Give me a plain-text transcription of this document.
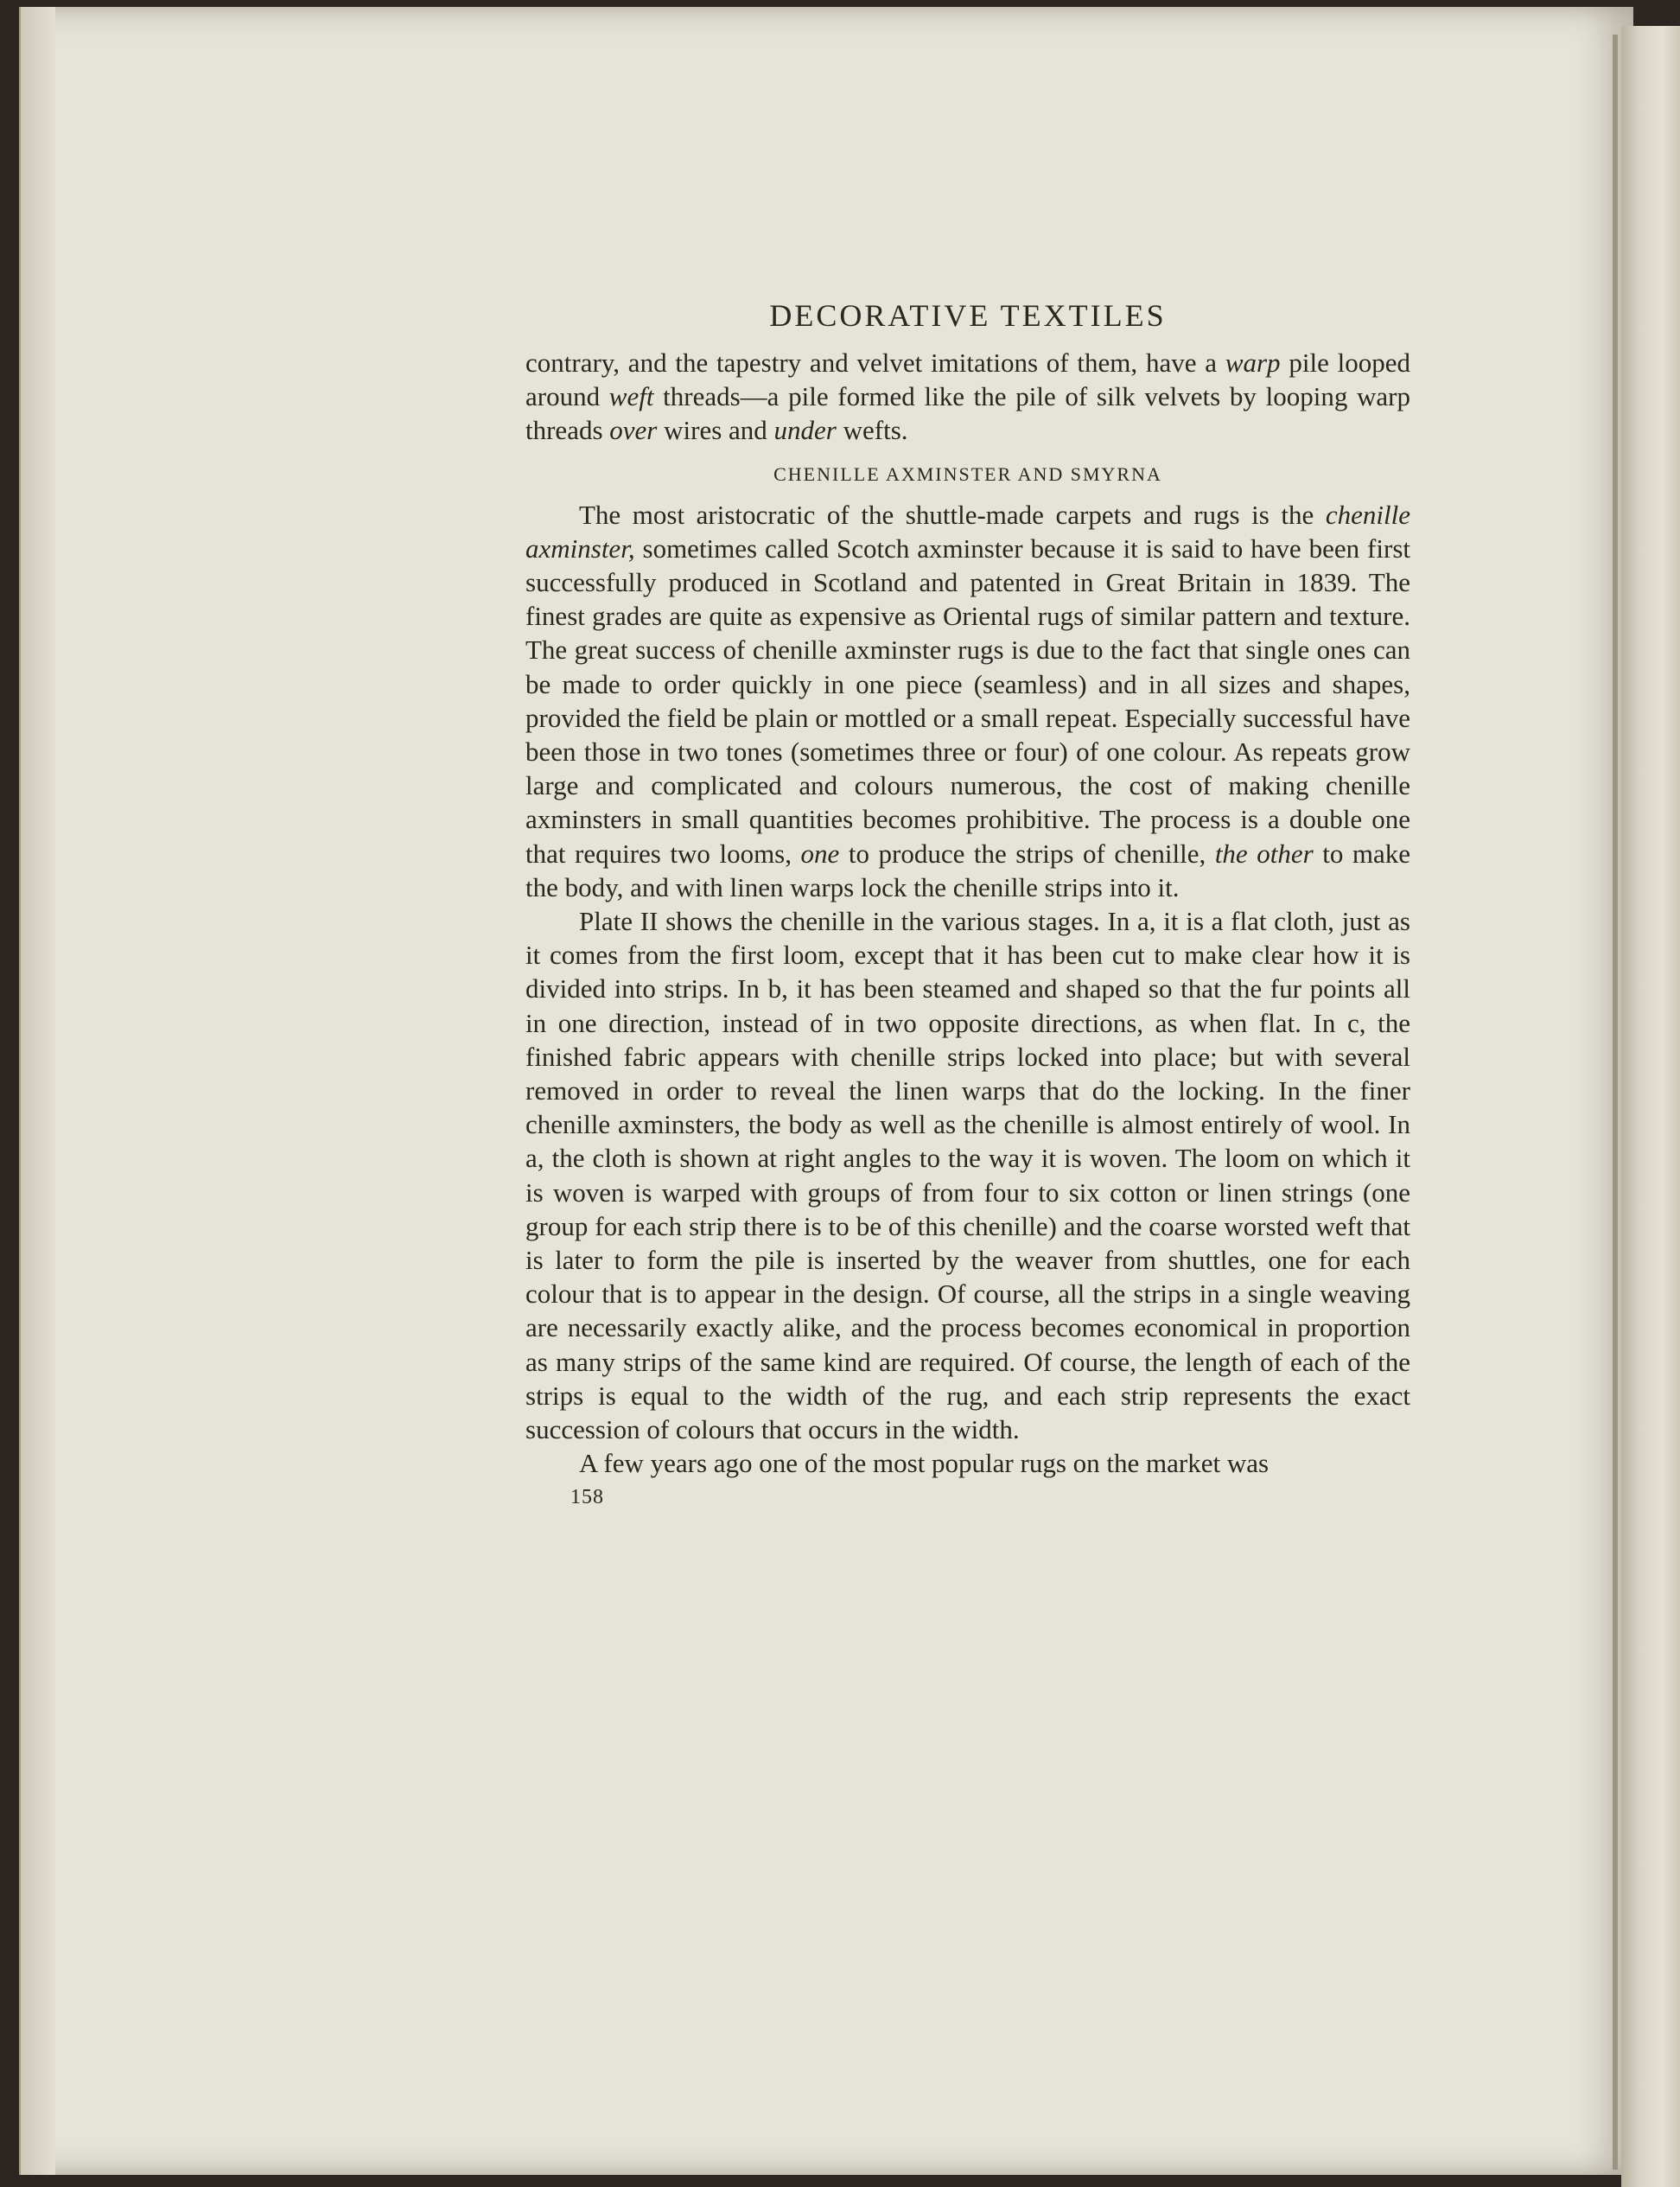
DECORATIVE TEXTILES

contrary, and the tapestry and velvet imitations of them, have a warp pile looped around weft threads—a pile formed like the pile of silk velvets by looping warp threads over wires and under wefts.

CHENILLE AXMINSTER AND SMYRNA

The most aristocratic of the shuttle-made carpets and rugs is the chenille axminster, sometimes called Scotch axminster because it is said to have been first successfully produced in Scotland and patented in Great Britain in 1839. The finest grades are quite as expensive as Oriental rugs of similar pattern and texture. The great success of chenille axminster rugs is due to the fact that single ones can be made to order quickly in one piece (seamless) and in all sizes and shapes, provided the field be plain or mottled or a small repeat. Especially successful have been those in two tones (sometimes three or four) of one colour. As repeats grow large and complicated and colours numerous, the cost of making chenille axminsters in small quantities becomes prohibitive. The process is a double one that requires two looms, one to produce the strips of chenille, the other to make the body, and with linen warps lock the chenille strips into it.

Plate II shows the chenille in the various stages. In a, it is a flat cloth, just as it comes from the first loom, except that it has been cut to make clear how it is divided into strips. In b, it has been steamed and shaped so that the fur points all in one direction, instead of in two opposite directions, as when flat. In c, the finished fabric appears with chenille strips locked into place; but with several removed in order to reveal the linen warps that do the locking. In the finer chenille axminsters, the body as well as the chenille is almost entirely of wool. In a, the cloth is shown at right angles to the way it is woven. The loom on which it is woven is warped with groups of from four to six cotton or linen strings (one group for each strip there is to be of this chenille) and the coarse worsted weft that is later to form the pile is inserted by the weaver from shuttles, one for each colour that is to appear in the design. Of course, all the strips in a single weaving are necessarily exactly alike, and the process becomes economical in proportion as many strips of the same kind are required. Of course, the length of each of the strips is equal to the width of the rug, and each strip represents the exact succession of colours that occurs in the width.

A few years ago one of the most popular rugs on the market was

158
